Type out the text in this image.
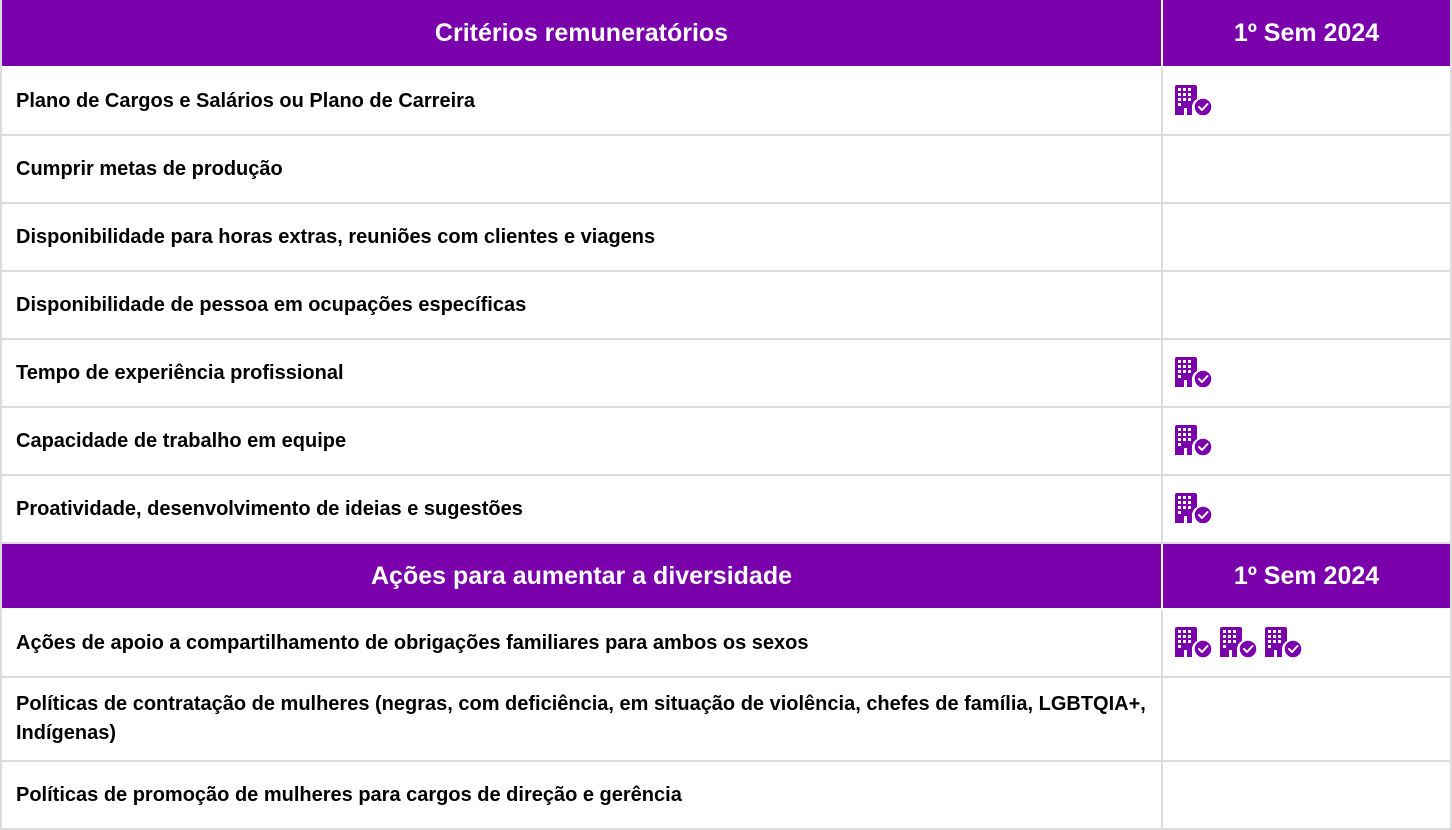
Critérios remuneratórios	1º Sem 2024
Plano de Cargos e Salários ou Plano de Carreira
Cumprir metas de produção
Disponibilidade para horas extras, reuniões com clientes e viagens
Disponibilidade de pessoa em ocupações específicas
Tempo de experiência profissional
Capacidade de trabalho em equipe
Proatividade, desenvolvimento de ideias e sugestões
Ações para aumentar a diversidade	1º Sem 2024
Ações de apoio a compartilhamento de obrigações familiares para ambos os sexos
Políticas de contratação de mulheres (negras, com deficiência, em situação de violência, chefes de família, LGBTQIA+, Indígenas)
Políticas de promoção de mulheres para cargos de direção e gerência
